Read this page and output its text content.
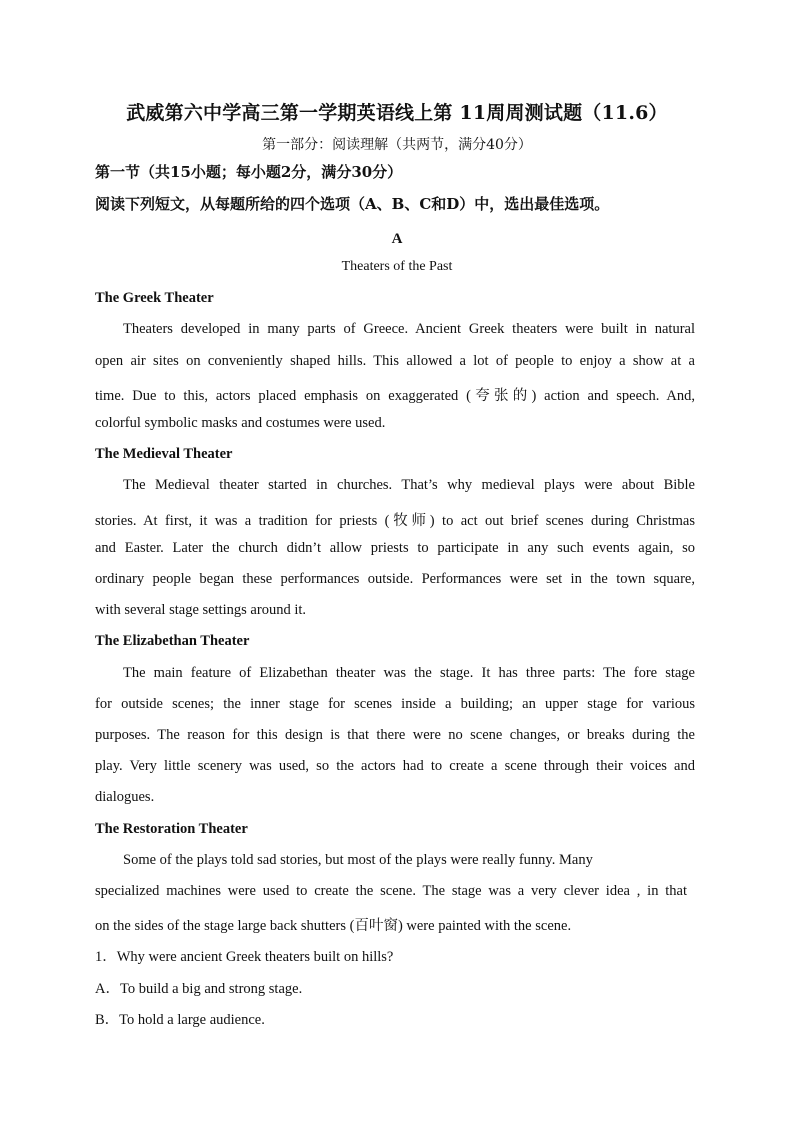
武威第六中学高三第一学期英语线上第 11周周测试题（11.6）
第一部分：阅读理解（共两节，满分40分）
第一节（共15小题；每小题2分，满分30分）
阅读下列短文，从每题所给的四个选项（A、B、C和D）中，选出最佳选项。
A
Theaters of the Past
The Greek Theater
Theaters developed in many parts of Greece. Ancient Greek theaters were built in natural
open air sites on conveniently shaped hills. This allowed a lot of people to enjoy a show at a
time. Due to this, actors placed emphasis on exaggerated (夸张的) action and speech. And,
colorful symbolic masks and costumes were used.
The Medieval Theater
The Medieval theater started in churches. That’s why medieval plays were about Bible
stories. At first, it was a tradition for priests (牧师) to act out brief scenes during Christmas
and Easter. Later the church didn’t allow priests to participate in any such events again, so
ordinary people began these performances outside. Performances were set in the town square,
with several stage settings around it.
The Elizabethan Theater
The main feature of Elizabethan theater was the stage. It has three parts: The fore stage
for outside scenes; the inner stage for scenes inside a building; an upper stage for various
purposes. The reason for this design is that there were no scene changes, or breaks during the
play. Very little scenery was used, so the actors had to create a scene through their voices and
dialogues.
The Restoration Theater
Some of the plays told sad stories, but most of the plays were really funny. Many
specialized machines were used to create the scene. The stage was a very clever idea , in that
on the sides of the stage large back shutters (百叶窗) were painted with the scene.
1．Why were ancient Greek theaters built on hills?
A．To build a big and strong stage.
B．To hold a large audience.
